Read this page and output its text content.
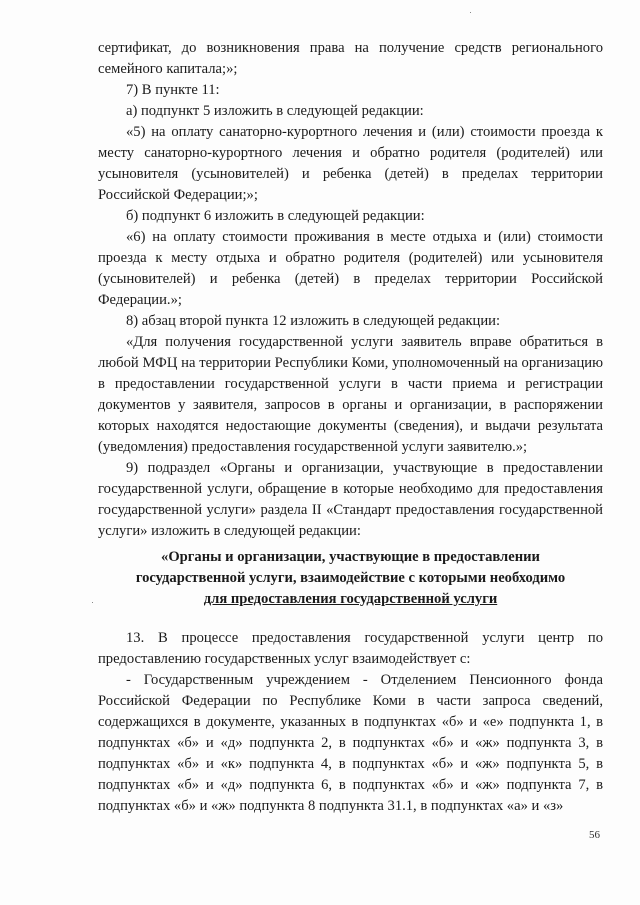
сертификат, до возникновения права на получение средств регионального семейного капитала;»;

7) В пункте 11:

а) подпункт 5 изложить в следующей редакции:

«5) на оплату санаторно-курортного лечения и (или) стоимости проезда к месту санаторно-курортного лечения и обратно родителя (родителей) или усыновителя (усыновителей) и ребенка (детей) в пределах территории Российской Федерации;»;

б) подпункт 6 изложить в следующей редакции:

«6) на оплату стоимости проживания в месте отдыха и (или) стоимости проезда к месту отдыха и обратно родителя (родителей) или усыновителя (усыновителей) и ребенка (детей) в пределах территории Российской Федерации.»;

8) абзац второй пункта 12 изложить в следующей редакции:

«Для получения государственной услуги заявитель вправе обратиться в любой МФЦ на территории Республики Коми, уполномоченный на организацию в предоставлении государственной услуги в части приема и регистрации документов у заявителя, запросов в органы и организации, в распоряжении которых находятся недостающие документы (сведения), и выдачи результата (уведомления) предоставления государственной услуги заявителю.»;

9) подраздел «Органы и организации, участвующие в предоставлении государственной услуги, обращение в которые необходимо для предоставления государственной услуги» раздела II «Стандарт предоставления государственной услуги» изложить в следующей редакции:

«Органы и организации, участвующие в предоставлении
государственной услуги, взаимодействие с которыми необходимо
для предоставления государственной услуги

13. В процессе предоставления государственной услуги центр по предоставлению государственных услуг взаимодействует с:

- Государственным учреждением - Отделением Пенсионного фонда Российской Федерации по Республике Коми в части запроса сведений, содержащихся в документе, указанных в подпунктах «б» и «е» подпункта 1, в подпунктах «б» и «д» подпункта 2, в подпунктах «б» и «ж» подпункта 3, в подпунктах «б» и «к» подпункта 4, в подпунктах «б» и «ж» подпункта 5, в подпунктах «б» и «д» подпункта 6, в подпунктах «б» и «ж» подпункта 7, в подпунктах «б» и «ж» подпункта 8 подпункта 31.1, в подпунктах «а» и «з»

56
